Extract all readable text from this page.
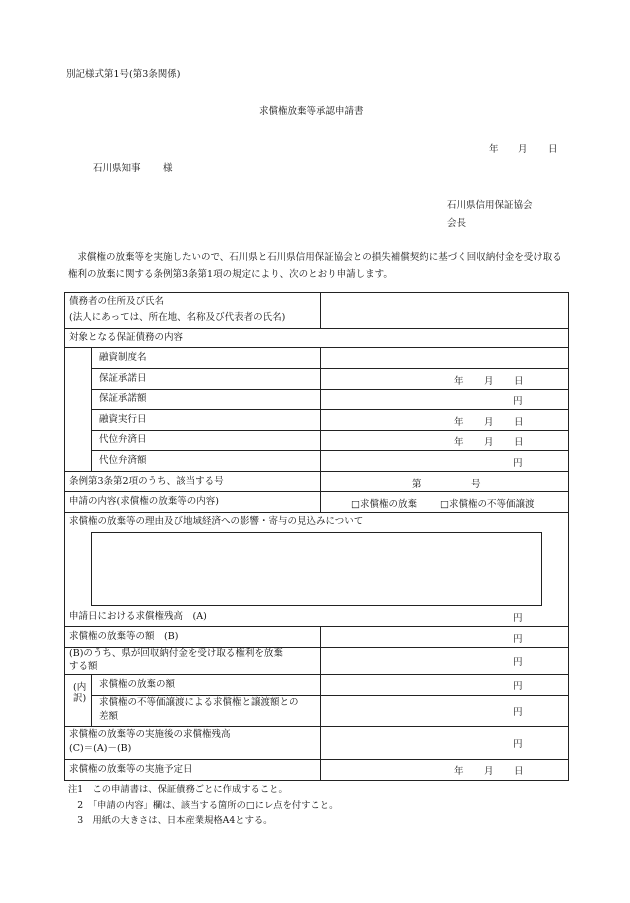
別記様式第1号(第3条関係)
求償権放棄等承認申請書
年 月 日
石川県知事 様
石川県信用保証協会
会長
求償権の放棄等を実施したいので、石川県と石川県信用保証協会との損失補償契約に基づく回収納付金を受け取る権利の放棄に関する条例第3条第1項の規定により、次のとおり申請します。
債務者の住所及び氏名
(法人にあっては、所在地、名称及び代表者の氏名)
対象となる保証債務の内容
融資制度名
保証承諾日	年 月 日
保証承諾額	円
融資実行日	年 月 日
代位弁済日	年 月 日
代位弁済額	円
条例第3条第2項のうち、該当する号	第	号
申請の内容(求償権の放棄等の内容)	□求償権の放棄 □求償権の不等価譲渡
求償権の放棄等の理由及び地域経済への影響・寄与の見込みについて
申請日における求償権残高　(A)	円
求償権の放棄等の額　(B)	円
(B)のうち、県が回収納付金を受け取る権利を放棄
する額	円
(内訳)
求償権の放棄の額	円
求償権の不等価譲渡による求償権と譲渡額との
差額	円
求償権の放棄等の実施後の求償権残高
(C)＝(A)－(B)	円
求償権の放棄等の実施予定日	年 月 日
注1　この申請書は、保証債務ごとに作成すること。
　2　「申請の内容」欄は、該当する箇所の□にレ点を付すこと。
　3　用紙の大きさは、日本産業規格A4とする。
